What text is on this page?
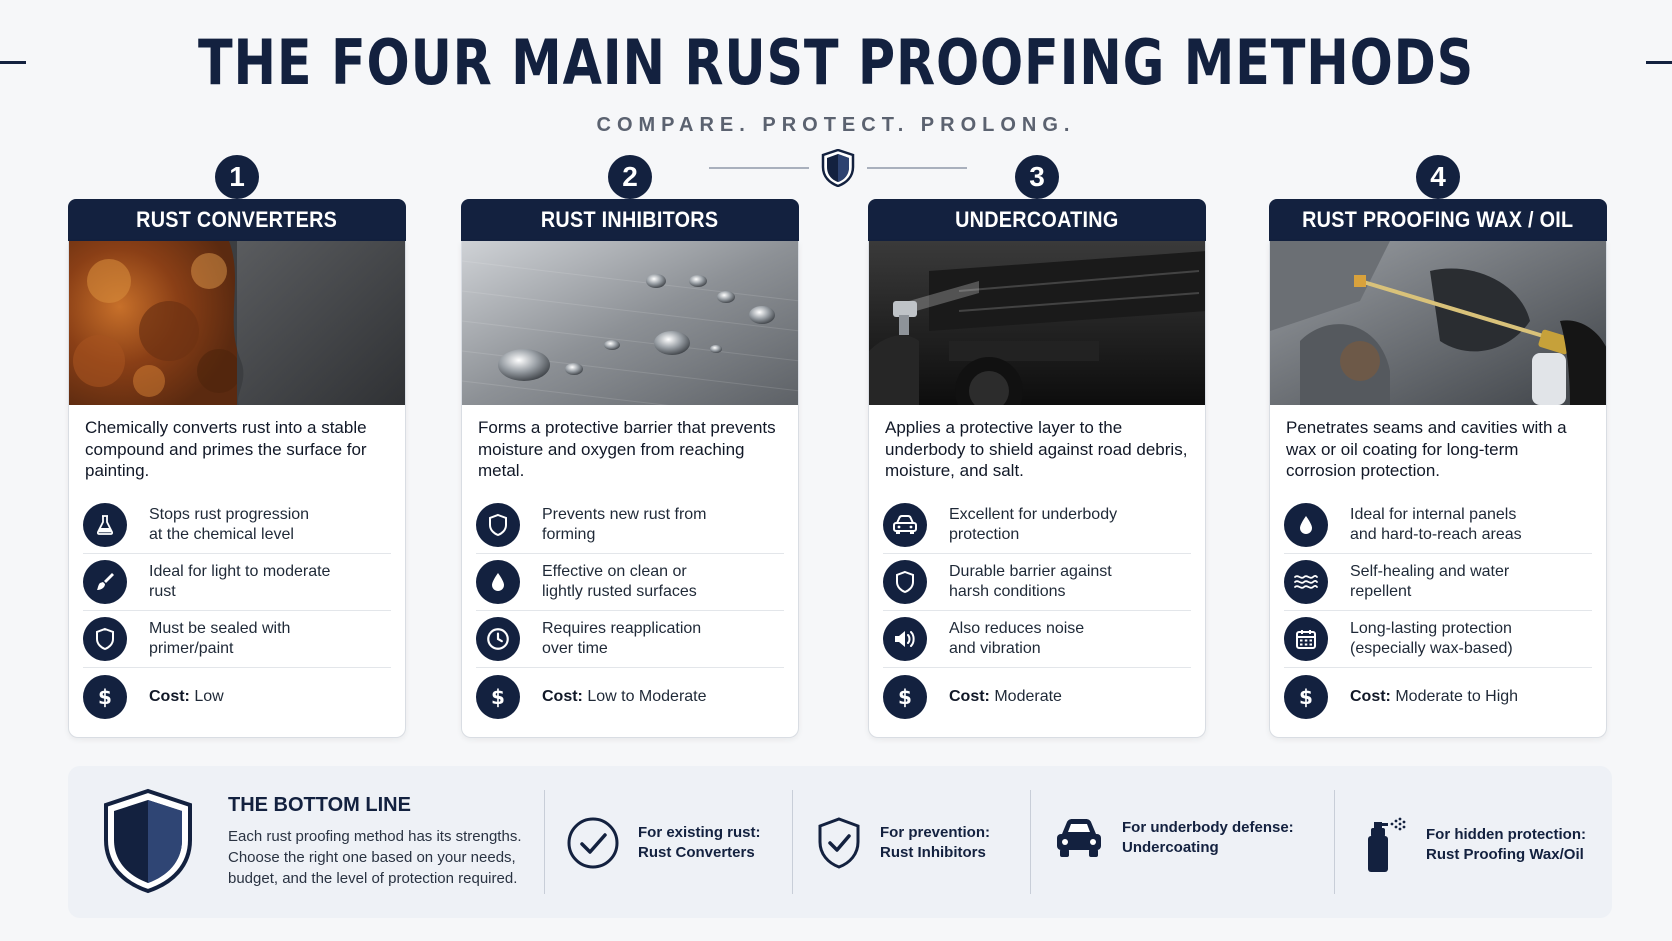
THE FOUR MAIN RUST PROOFING METHODS
COMPARE. PROTECT. PROLONG.
1
RUST CONVERTERS
Chemically converts rust into a stable compound and primes the surface for painting.
Stops rust progression
at the chemical level
Ideal for light to moderate
rust
Must be sealed with
primer/paint
$ Cost: Low
2
RUST INHIBITORS
Forms a protective barrier that prevents moisture and oxygen from reaching metal.
Prevents new rust from
forming
Effective on clean or
lightly rusted surfaces
Requires reapplication
over time
$ Cost: Low to Moderate
3
UNDERCOATING
Applies a protective layer to the underbody to shield against road debris, moisture, and salt.
Excellent for underbody
protection
Durable barrier against
harsh conditions
Also reduces noise
and vibration
$ Cost: Moderate
4
RUST PROOFING WAX / OIL
Penetrates seams and cavities with a wax or oil coating for long-term corrosion protection.
Ideal for internal panels
and hard-to-reach areas
Self-healing and water
repellent
Long-lasting protection
(especially wax-based)
$ Cost: Moderate to High
THE BOTTOM LINE
Each rust proofing method has its strengths. Choose the right one based on your needs, budget, and the level of protection required.
For existing rust:
Rust Converters
For prevention:
Rust Inhibitors
For underbody defense:
Undercoating
For hidden protection:
Rust Proofing Wax/Oil
